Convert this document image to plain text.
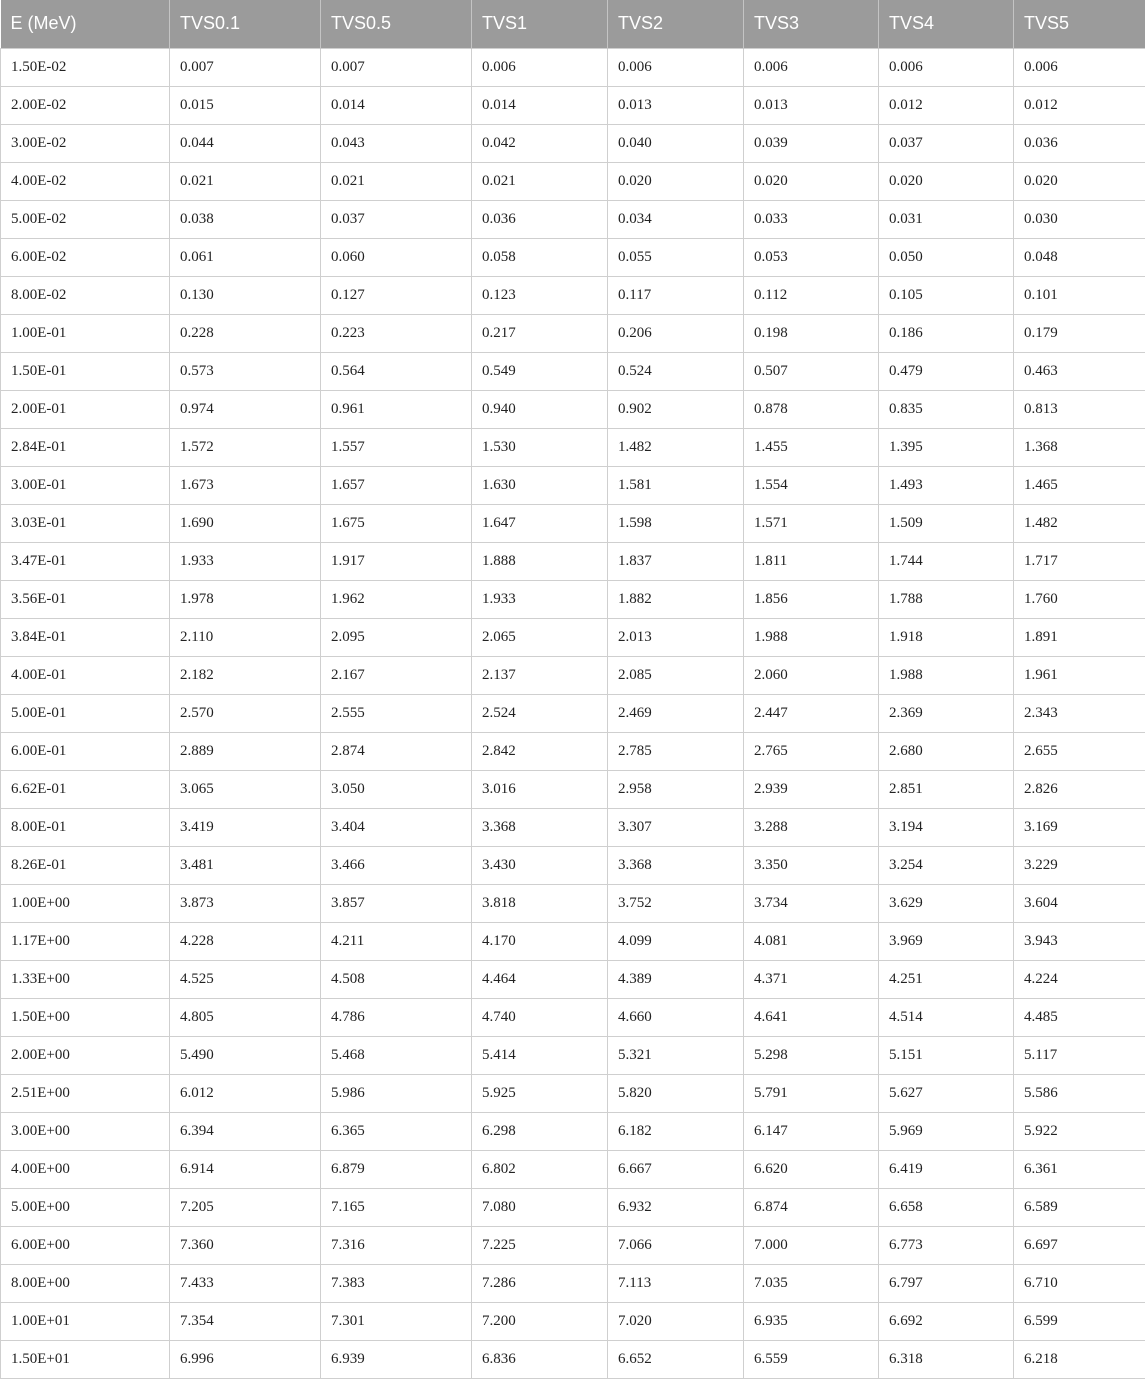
E (MeV)	TVS0.1	TVS0.5	TVS1	TVS2	TVS3	TVS4	TVS5
1.50E-02	0.007	0.007	0.006	0.006	0.006	0.006	0.006
2.00E-02	0.015	0.014	0.014	0.013	0.013	0.012	0.012
3.00E-02	0.044	0.043	0.042	0.040	0.039	0.037	0.036
4.00E-02	0.021	0.021	0.021	0.020	0.020	0.020	0.020
5.00E-02	0.038	0.037	0.036	0.034	0.033	0.031	0.030
6.00E-02	0.061	0.060	0.058	0.055	0.053	0.050	0.048
8.00E-02	0.130	0.127	0.123	0.117	0.112	0.105	0.101
1.00E-01	0.228	0.223	0.217	0.206	0.198	0.186	0.179
1.50E-01	0.573	0.564	0.549	0.524	0.507	0.479	0.463
2.00E-01	0.974	0.961	0.940	0.902	0.878	0.835	0.813
2.84E-01	1.572	1.557	1.530	1.482	1.455	1.395	1.368
3.00E-01	1.673	1.657	1.630	1.581	1.554	1.493	1.465
3.03E-01	1.690	1.675	1.647	1.598	1.571	1.509	1.482
3.47E-01	1.933	1.917	1.888	1.837	1.811	1.744	1.717
3.56E-01	1.978	1.962	1.933	1.882	1.856	1.788	1.760
3.84E-01	2.110	2.095	2.065	2.013	1.988	1.918	1.891
4.00E-01	2.182	2.167	2.137	2.085	2.060	1.988	1.961
5.00E-01	2.570	2.555	2.524	2.469	2.447	2.369	2.343
6.00E-01	2.889	2.874	2.842	2.785	2.765	2.680	2.655
6.62E-01	3.065	3.050	3.016	2.958	2.939	2.851	2.826
8.00E-01	3.419	3.404	3.368	3.307	3.288	3.194	3.169
8.26E-01	3.481	3.466	3.430	3.368	3.350	3.254	3.229
1.00E+00	3.873	3.857	3.818	3.752	3.734	3.629	3.604
1.17E+00	4.228	4.211	4.170	4.099	4.081	3.969	3.943
1.33E+00	4.525	4.508	4.464	4.389	4.371	4.251	4.224
1.50E+00	4.805	4.786	4.740	4.660	4.641	4.514	4.485
2.00E+00	5.490	5.468	5.414	5.321	5.298	5.151	5.117
2.51E+00	6.012	5.986	5.925	5.820	5.791	5.627	5.586
3.00E+00	6.394	6.365	6.298	6.182	6.147	5.969	5.922
4.00E+00	6.914	6.879	6.802	6.667	6.620	6.419	6.361
5.00E+00	7.205	7.165	7.080	6.932	6.874	6.658	6.589
6.00E+00	7.360	7.316	7.225	7.066	7.000	6.773	6.697
8.00E+00	7.433	7.383	7.286	7.113	7.035	6.797	6.710
1.00E+01	7.354	7.301	7.200	7.020	6.935	6.692	6.599
1.50E+01	6.996	6.939	6.836	6.652	6.559	6.318	6.218
